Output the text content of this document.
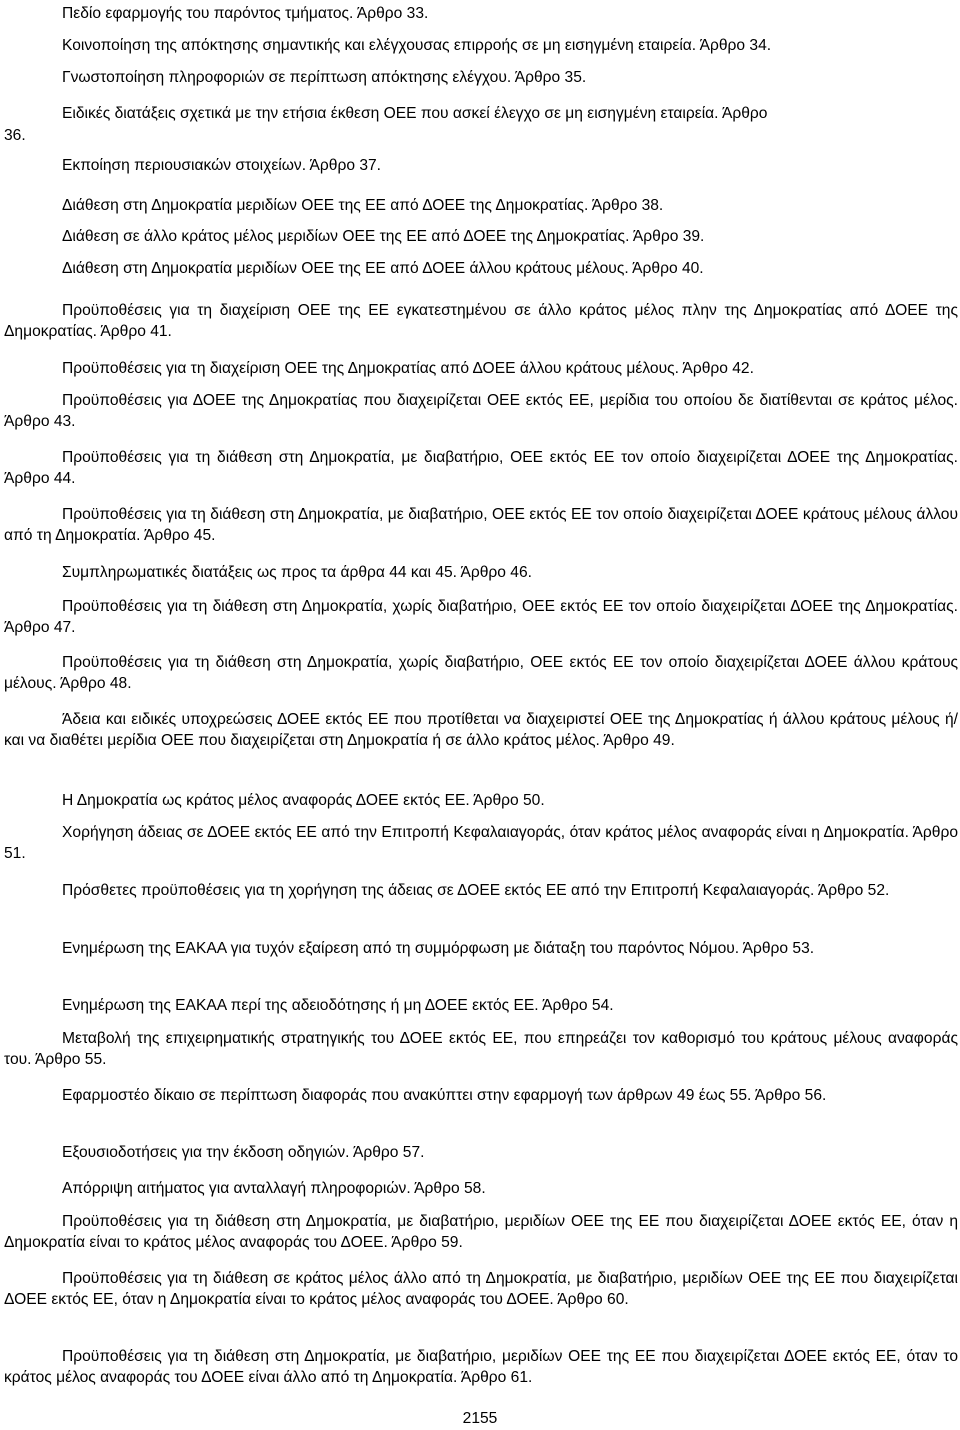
36.

Πεδίο εφαρμογής του παρόντος τμήματος. Άρθρο 33.

Κοινοποίηση της απόκτησης σημαντικής και ελέγχουσας επιρροής σε μη εισηγμένη εταιρεία. Άρθρο 34.

Γνωστοποίηση πληροφοριών σε περίπτωση απόκτησης ελέγχου. Άρθρο 35.

Ειδικές διατάξεις σχετικά με την ετήσια έκθεση ΟΕΕ που ασκεί έλεγχο σε μη εισηγμένη εταιρεία. Άρθρο

Εκποίηση περιουσιακών στοιχείων. Άρθρο 37.

Διάθεση στη Δημοκρατία μεριδίων ΟΕΕ της ΕΕ από ΔΟΕΕ της Δημοκρατίας. Άρθρο 38.

Διάθεση σε άλλο κράτος μέλος μεριδίων ΟΕΕ της ΕΕ από ΔΟΕΕ της Δημοκρατίας. Άρθρο 39.

Διάθεση στη Δημοκρατία μεριδίων ΟΕΕ της ΕΕ από ΔΟΕΕ άλλου κράτους μέλους. Άρθρο 40.

Προϋποθέσεις για τη διαχείριση ΟΕΕ της ΕΕ εγκατεστημένου σε άλλο κράτος μέλος πλην της Δημοκρατίας από ΔΟΕΕ της Δημοκρατίας. Άρθρο 41.

Προϋποθέσεις για τη διαχείριση ΟΕΕ της Δημοκρατίας από ΔΟΕΕ άλλου κράτους μέλους. Άρθρο 42.

Προϋποθέσεις για ΔΟΕΕ της Δημοκρατίας που διαχειρίζεται ΟΕΕ εκτός ΕΕ, μερίδια του οποίου δε διατίθενται σε κράτος μέλος. Άρθρο 43.

Προϋποθέσεις για τη διάθεση στη Δημοκρατία, με διαβατήριο, ΟΕΕ εκτός ΕΕ τον οποίο διαχειρίζεται ΔΟΕΕ της Δημοκρατίας. Άρθρο 44.

Προϋποθέσεις για τη διάθεση στη Δημοκρατία, με διαβατήριο, ΟΕΕ εκτός ΕΕ τον οποίο διαχειρίζεται ΔΟΕΕ κράτους μέλους άλλου από τη Δημοκρατία. Άρθρο 45.

Συμπληρωματικές διατάξεις ως προς τα άρθρα 44 και 45. Άρθρο 46.

Προϋποθέσεις για τη διάθεση στη Δημοκρατία, χωρίς διαβατήριο, ΟΕΕ εκτός ΕΕ τον οποίο διαχειρίζεται ΔΟΕΕ της Δημοκρατίας. Άρθρο 47.

Προϋποθέσεις για τη διάθεση στη Δημοκρατία, χωρίς διαβατήριο, ΟΕΕ εκτός ΕΕ τον οποίο διαχειρίζεται ΔΟΕΕ άλλου κράτους μέλους. Άρθρο 48.

Άδεια και ειδικές υποχρεώσεις ΔΟΕΕ εκτός ΕΕ που προτίθεται να διαχειριστεί ΟΕΕ της Δημοκρατίας ή άλλου κράτους μέλους ή/και να διαθέτει μερίδια ΟΕΕ που διαχειρίζεται στη Δημοκρατία ή σε άλλο κράτος μέλος. Άρθρο 49.

Η Δημοκρατία ως κράτος μέλος αναφοράς ΔΟΕΕ εκτός ΕΕ. Άρθρο 50.

Χορήγηση άδειας σε ΔΟΕΕ εκτός ΕΕ από την Επιτροπή Κεφαλαιαγοράς, όταν κράτος μέλος αναφοράς είναι η Δημοκρατία. Άρθρο 51.

Πρόσθετες προϋποθέσεις για τη χορήγηση της άδειας σε ΔΟΕΕ εκτός ΕΕ από την Επιτροπή Κεφαλαιαγοράς. Άρθρο 52.

Ενημέρωση της ΕΑΚΑΑ για τυχόν εξαίρεση από τη συμμόρφωση με διάταξη του παρόντος Νόμου. Άρθρο 53.

Ενημέρωση της ΕΑΚΑΑ περί της αδειοδότησης ή μη ΔΟΕΕ εκτός ΕΕ. Άρθρο 54.

Μεταβολή της επιχειρηματικής στρατηγικής του ΔΟΕΕ εκτός ΕΕ, που επηρεάζει τον καθορισμό του κράτους μέλους αναφοράς του. Άρθρο 55.

Εφαρμοστέο δίκαιο σε περίπτωση διαφοράς που ανακύπτει στην εφαρμογή των άρθρων 49 έως 55. Άρθρο 56.

Εξουσιοδοτήσεις για την έκδοση οδηγιών. Άρθρο 57.

Απόρριψη αιτήματος για ανταλλαγή πληροφοριών. Άρθρο 58.

Προϋποθέσεις για τη διάθεση στη Δημοκρατία, με διαβατήριο, μεριδίων ΟΕΕ της ΕΕ που διαχειρίζεται ΔΟΕΕ εκτός ΕΕ, όταν η Δημοκρατία είναι το κράτος μέλος αναφοράς του ΔΟΕΕ. Άρθρο 59.

Προϋποθέσεις για τη διάθεση σε κράτος μέλος άλλο από τη Δημοκρατία, με διαβατήριο, μεριδίων ΟΕΕ της ΕΕ που διαχειρίζεται ΔΟΕΕ εκτός ΕΕ, όταν η Δημοκρατία είναι το κράτος μέλος αναφοράς του ΔΟΕΕ. Άρθρο 60.

Προϋποθέσεις για τη διάθεση στη Δημοκρατία, με διαβατήριο, μεριδίων ΟΕΕ της ΕΕ που διαχειρίζεται ΔΟΕΕ εκτός ΕΕ, όταν το κράτος μέλος αναφοράς του ΔΟΕΕ είναι άλλο από τη Δημοκρατία. Άρθρο 61.

2155
